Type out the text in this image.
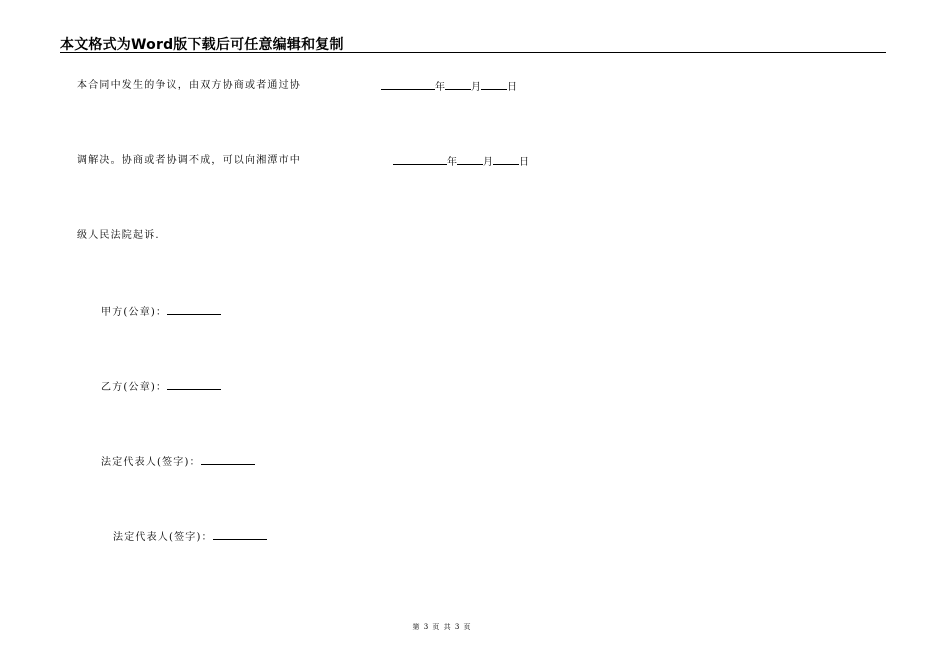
本文格式为Word版下载后可任意编辑和复制
本合同中发生的争议，由双方协商或者通过协
调解决。协商或者协调不成，可以向湘潭市中
级人民法院起诉.
年	月	日
年	月	日
甲方(公章)：
乙方(公章)：
法定代表人(签字)：
法定代表人(签字)：
第 3 页 共 3 页
